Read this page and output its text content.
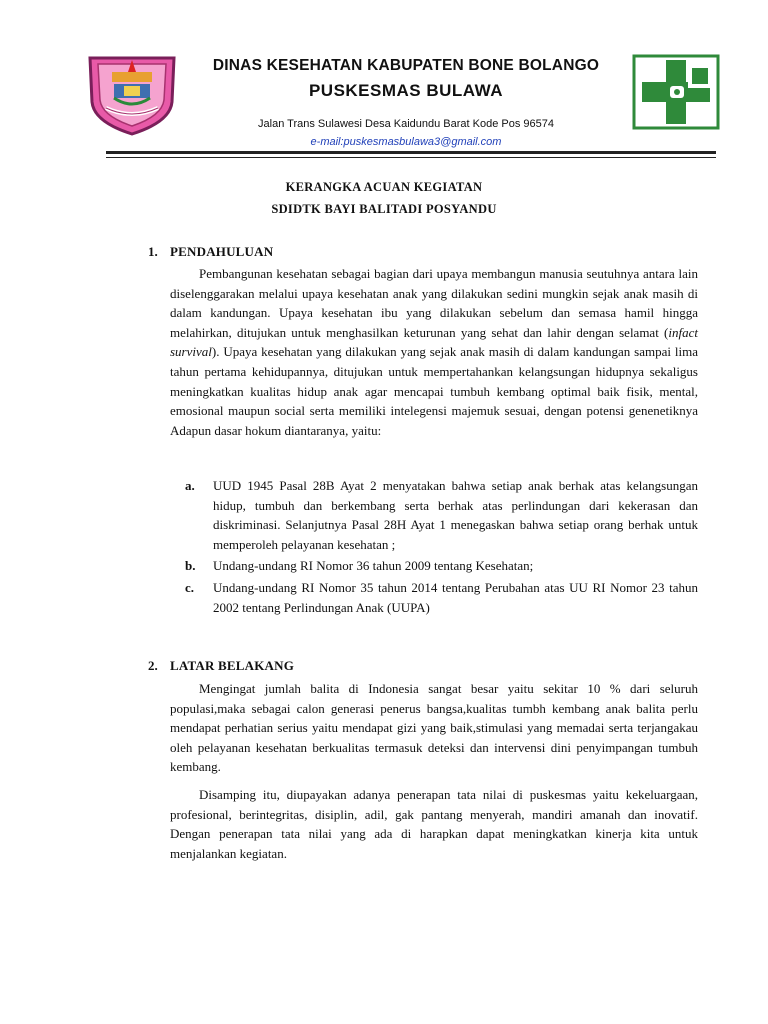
DINAS KESEHATAN KABUPATEN BONE BOLANGO
PUSKESMAS BULAWA
Jalan Trans Sulawesi Desa Kaidundu Barat Kode Pos 96574
e-mail:puskesmasbulawa3@gmail.com
KERANGKA ACUAN KEGIATAN
SDIDTK BAYI BALITADI POSYANDU
1. PENDAHULUAN
Pembangunan kesehatan sebagai bagian dari upaya membangun manusia seutuhnya antara lain diselenggarakan melalui upaya kesehatan anak yang dilakukan sedini mungkin sejak anak masih di dalam kandungan. Upaya kesehatan ibu yang dilakukan sebelum dan semasa hamil hingga melahirkan, ditujukan untuk menghasilkan keturunan yang sehat dan lahir dengan selamat (infact survival). Upaya kesehatan yang dilakukan yang sejak anak masih di dalam kandungan sampai lima tahun pertama kehidupannya, ditujukan untuk mempertahankan kelangsungan hidupnya sekaligus meningkatkan kualitas hidup anak agar mencapai tumbuh kembang optimal baik fisik, mental, emosional maupun social serta memiliki intelegensi majemuk sesuai, dengan potensi genenetiknya Adapun dasar hokum diantaranya, yaitu:
a. UUD 1945 Pasal 28B Ayat 2 menyatakan bahwa setiap anak berhak atas kelangsungan hidup, tumbuh dan berkembang serta berhak atas perlindungan dari kekerasan dan diskriminasi. Selanjutnya Pasal 28H Ayat 1 menegaskan bahwa setiap orang berhak untuk memperoleh pelayanan kesehatan ;
b. Undang-undang RI Nomor 36 tahun 2009 tentang Kesehatan;
c. Undang-undang RI Nomor 35 tahun 2014 tentang Perubahan atas UU RI Nomor 23 tahun 2002 tentang Perlindungan Anak (UUPA)
2. LATAR BELAKANG
Mengingat jumlah balita di Indonesia sangat besar yaitu sekitar 10 % dari seluruh populasi,maka sebagai calon generasi penerus bangsa,kualitas tumbh kembang anak balita perlu mendapat perhatian serius yaitu mendapat gizi yang baik,stimulasi yang memadai serta terjangakau oleh pelayanan kesehatan berkualitas termasuk deteksi dan intervensi dini penyimpangan tumbuh kembang.
Disamping itu, diupayakan adanya penerapan tata nilai di puskesmas yaitu kekeluargaan, profesional, berintegritas, disiplin, adil, gak pantang menyerah, mandiri amanah dan inovatif. Dengan penerapan tata nilai yang ada di harapkan dapat meningkatkan kinerja kita untuk menjalankan kegiatan.
